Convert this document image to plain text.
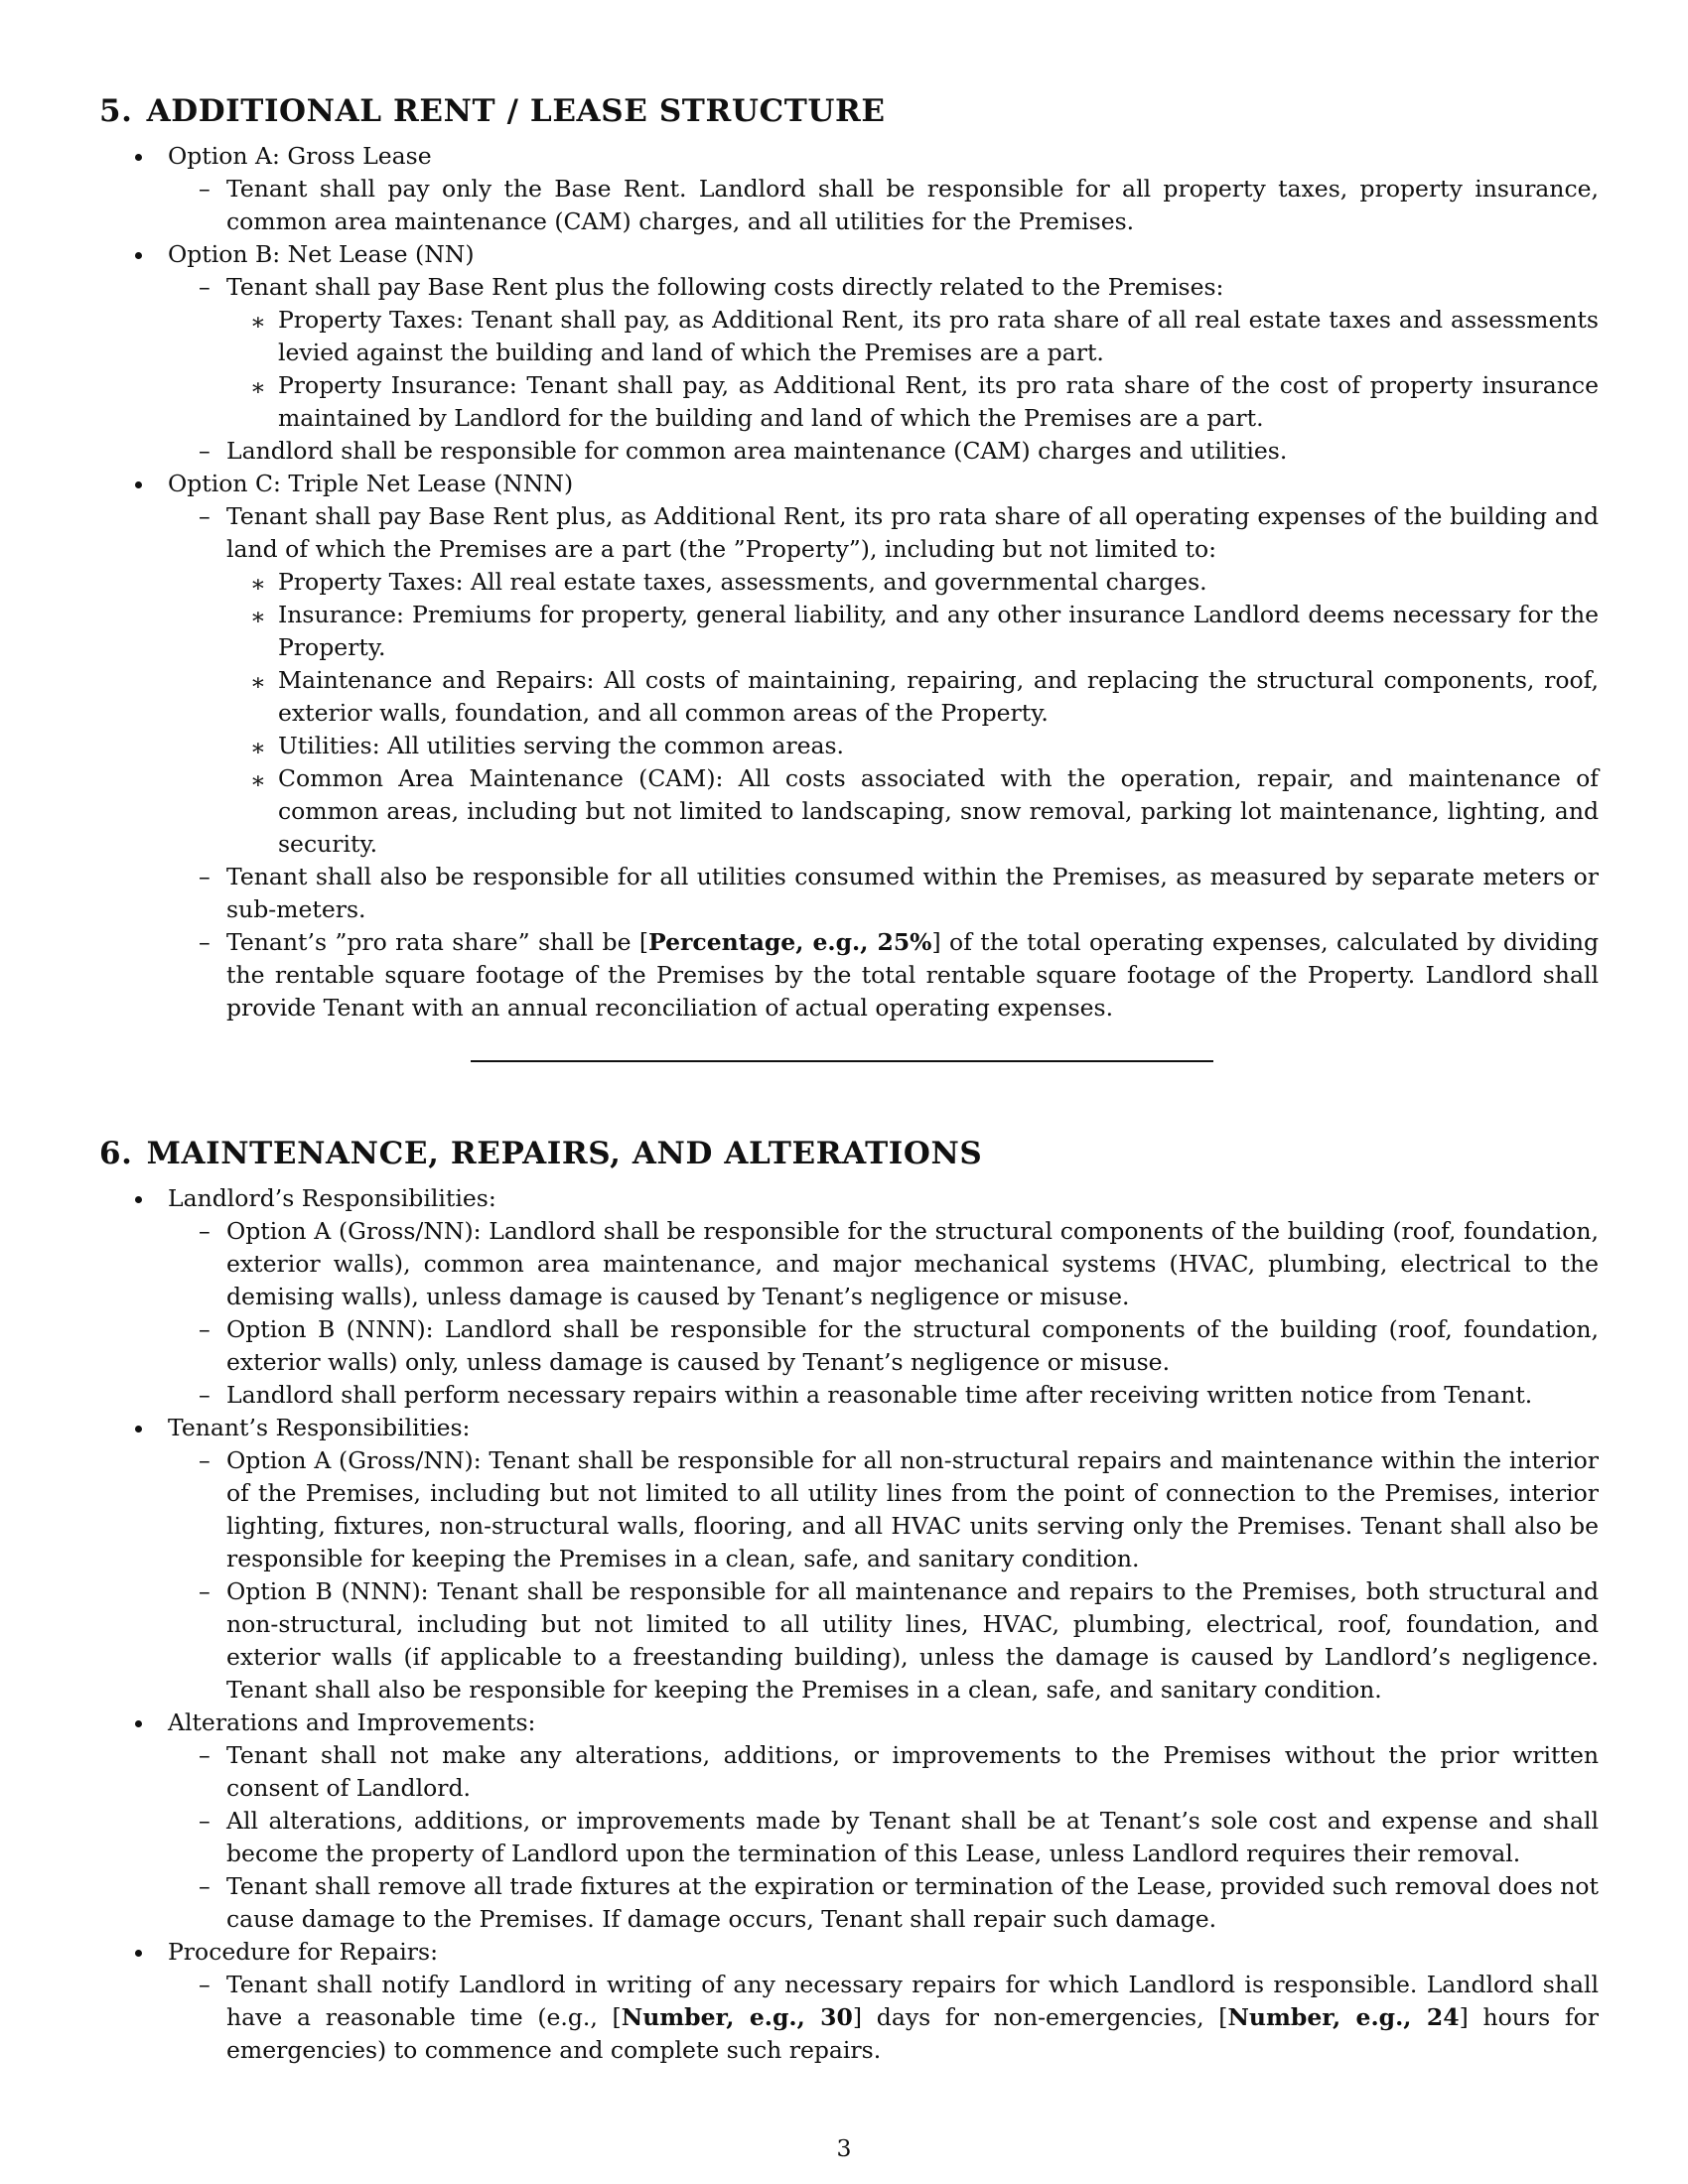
5. ADDITIONAL RENT / LEASE STRUCTURE
Option A: Gross Lease
– Tenant shall pay only the Base Rent. Landlord shall be responsible for all property taxes, property insurance, common area maintenance (CAM) charges, and all utilities for the Premises.
Option B: Net Lease (NN)
– Tenant shall pay Base Rent plus the following costs directly related to the Premises:
∗ Property Taxes: Tenant shall pay, as Additional Rent, its pro rata share of all real estate taxes and assessments levied against the building and land of which the Premises are a part.
∗ Property Insurance: Tenant shall pay, as Additional Rent, its pro rata share of the cost of property insurance maintained by Landlord for the building and land of which the Premises are a part.
– Landlord shall be responsible for common area maintenance (CAM) charges and utilities.
Option C: Triple Net Lease (NNN)
– Tenant shall pay Base Rent plus, as Additional Rent, its pro rata share of all operating expenses of the building and land of which the Premises are a part (the ”Property”), including but not limited to:
∗ Property Taxes: All real estate taxes, assessments, and governmental charges.
∗ Insurance: Premiums for property, general liability, and any other insurance Landlord deems necessary for the Property.
∗ Maintenance and Repairs: All costs of maintaining, repairing, and replacing the structural components, roof, exterior walls, foundation, and all common areas of the Property.
∗ Utilities: All utilities serving the common areas.
∗ Common Area Maintenance (CAM): All costs associated with the operation, repair, and maintenance of common areas, including but not limited to landscaping, snow removal, parking lot maintenance, lighting, and security.
– Tenant shall also be responsible for all utilities consumed within the Premises, as measured by separate meters or sub-meters.
– Tenant’s ”pro rata share” shall be [Percentage, e.g., 25%] of the total operating expenses, calculated by dividing the rentable square footage of the Premises by the total rentable square footage of the Property. Landlord shall provide Tenant with an annual reconciliation of actual operating expenses.
6. MAINTENANCE, REPAIRS, AND ALTERATIONS
Landlord’s Responsibilities:
– Option A (Gross/NN): Landlord shall be responsible for the structural components of the building (roof, foundation, exterior walls), common area maintenance, and major mechanical systems (HVAC, plumbing, electrical to the demising walls), unless damage is caused by Tenant’s negligence or misuse.
– Option B (NNN): Landlord shall be responsible for the structural components of the building (roof, foundation, exterior walls) only, unless damage is caused by Tenant’s negligence or misuse.
– Landlord shall perform necessary repairs within a reasonable time after receiving written notice from Tenant.
Tenant’s Responsibilities:
– Option A (Gross/NN): Tenant shall be responsible for all non-structural repairs and maintenance within the interior of the Premises, including but not limited to all utility lines from the point of connection to the Premises, interior lighting, fixtures, non-structural walls, flooring, and all HVAC units serving only the Premises. Tenant shall also be responsible for keeping the Premises in a clean, safe, and sanitary condition.
– Option B (NNN): Tenant shall be responsible for all maintenance and repairs to the Premises, both structural and non-structural, including but not limited to all utility lines, HVAC, plumbing, electrical, roof, foundation, and exterior walls (if applicable to a freestanding building), unless the damage is caused by Landlord’s negligence. Tenant shall also be responsible for keeping the Premises in a clean, safe, and sanitary condition.
Alterations and Improvements:
– Tenant shall not make any alterations, additions, or improvements to the Premises without the prior written consent of Landlord.
– All alterations, additions, or improvements made by Tenant shall be at Tenant’s sole cost and expense and shall become the property of Landlord upon the termination of this Lease, unless Landlord requires their removal.
– Tenant shall remove all trade fixtures at the expiration or termination of the Lease, provided such removal does not cause damage to the Premises. If damage occurs, Tenant shall repair such damage.
Procedure for Repairs:
– Tenant shall notify Landlord in writing of any necessary repairs for which Landlord is responsible. Landlord shall have a reasonable time (e.g., [Number, e.g., 30] days for non-emergencies, [Number, e.g., 24] hours for emergencies) to commence and complete such repairs.
3
